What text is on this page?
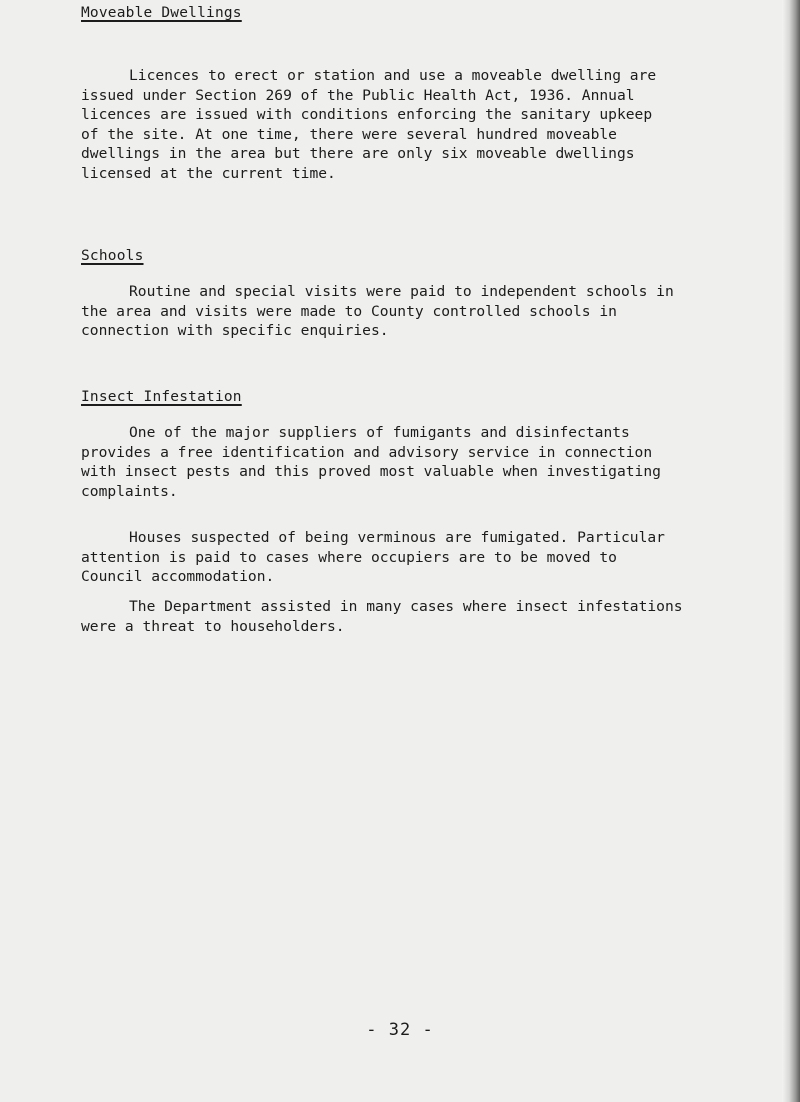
Moveable Dwellings
Licences to erect or station and use a moveable dwelling are
issued under Section 269 of the Public Health Act, 1936. Annual
licences are issued with conditions enforcing the sanitary upkeep
of the site. At one time, there were several hundred moveable
dwellings in the area but there are only six moveable dwellings
licensed at the current time.
Schools
Routine and special visits were paid to independent schools in
the area and visits were made to County controlled schools in
connection with specific enquiries.
Insect Infestation
One of the major suppliers of fumigants and disinfectants
provides a free identification and advisory service in connection
with insect pests and this proved most valuable when investigating
complaints.
Houses suspected of being verminous are fumigated. Particular
attention is paid to cases where occupiers are to be moved to
Council accommodation.
The Department assisted in many cases where insect infestations
were a threat to householders.
- 32 -
